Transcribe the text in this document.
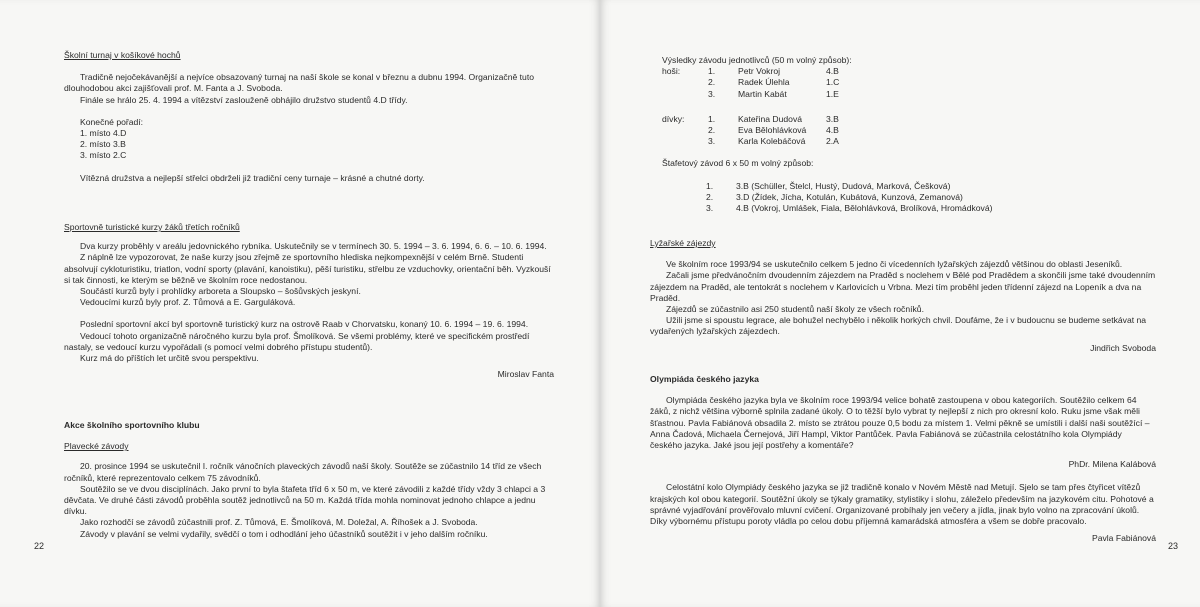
Školní turnaj v košíkové hochů

Tradičně nejočekávanější a nejvíce obsazovaný turnaj na naší škole se konal v březnu a dubnu 1994. Organizačně tuto dlouhodobou akci zajišťovali prof. M. Fanta a J. Svoboda.

Finále se hrálo 25. 4. 1994 a vítězství zaslouženě obhájilo družstvo studentů 4.D třídy.

Konečné pořadí:

1. místo 4.D

2. místo 3.B

3. místo 2.C

Vítězná družstva a nejlepší střelci obdrželi již tradiční ceny turnaje – krásné a chutné dorty.

Sportovně turistické kurzy žáků třetích ročníků

Dva kurzy proběhly v areálu jedovnického rybníka. Uskutečnily se v termínech 30. 5. 1994 – 3. 6. 1994, 6. 6. – 10. 6. 1994.

Z náplně lze vypozorovat, že naše kurzy jsou zřejmě ze sportovního hlediska nejkompexnější v celém Brně. Studenti absolvují cykloturistiku, triatlon, vodní sporty (plavání, kanoistiku), pěší turistiku, střelbu ze vzduchovky, orientační běh. Vyzkouší si tak činnosti, ke kterým se běžně ve školním roce nedostanou.

Součástí kurzů byly i prohlídky arboreta a Sloupsko – šošůvských jeskyní.

Vedoucími kurzů byly prof. Z. Tůmová a E. Garguláková.

Poslední sportovní akcí byl sportovně turistický kurz na ostrově Raab v Chorvatsku, konaný 10. 6. 1994 – 19. 6. 1994.

Vedoucí tohoto organizačně náročného kurzu byla prof. Šmolíková. Se všemi problémy, které ve specifickém prostředí nastaly, se vedoucí kurzu vypořádali (s pomocí velmi dobrého přístupu studentů).

Kurz má do příštích let určitě svou perspektivu.

Miroslav Fanta

Akce školního sportovního klubu

Plavecké závody

20. prosince 1994 se uskutečnil I. ročník vánočních plaveckých závodů naší školy. Soutěže se zúčastnilo 14 tříd ze všech ročníků, které reprezentovalo celkem 75 závodníků.

Soutěžilo se ve dvou disciplínách. Jako první to byla štafeta tříd 6 x 50 m, ve které závodili z každé třídy vždy 3 chlapci a 3 děvčata. Ve druhé části závodů proběhla soutěž jednotlivců na 50 m. Každá třída mohla nominovat jednoho chlapce a jednu dívku.

Jako rozhodčí se závodů zúčastnili prof. Z. Tůmová, E. Šmolíková, M. Doležal, A. Říhošek a J. Svoboda.

Závody v plavání se velmi vydařily, svědčí o tom i odhodlání jeho účastníků soutěžit i v jeho dalším ročníku.

22

Výsledky závodu jednotlivců (50 m volný způsob):

hoši:	1.	Petr Vokroj	4.B
	2.	Radek Úlehla	1.C
	3.	Martin Kabát	1.E
dívky:	1.	Kateřina Dudová	3.B
	2.	Eva Bělohlávková	4.B
	3.	Karla Kolebáčová	2.A

Štafetový závod 6 x 50 m volný způsob:

1.	3.B (Schüller, Štelcl, Hustý, Dudová, Marková, Češková)
2.	3.D (Žídek, Jícha, Kotulán, Kubátová, Kunzová, Zemanová)
3.	4.B (Vokroj, Umlášek, Fiala, Bělohlávková, Brolíková, Hromádková)

Lyžařské zájezdy

Ve školním roce 1993/94 se uskutečnilo celkem 5 jedno či vícedenních lyžařských zájezdů většinou do oblasti Jeseníků.

Začali jsme předvánočním dvoudenním zájezdem na Praděd s noclehem v Bělé pod Pradědem a skončili jsme také dvoudenním zájezdem na Praděd, ale tentokrát s noclehem v Karlovicích u Vrbna. Mezi tím proběhl jeden třídenní zájezd na Lopeník a dva na Praděd.

Zájezdů se zúčastnilo asi 250 studentů naší školy ze všech ročníků.

Užili jsme si spoustu legrace, ale bohužel nechybělo i několik horkých chvil. Doufáme, že i v budoucnu se budeme setkávat na vydařených lyžařských zájezdech.

Jindřich Svoboda

Olympiáda českého jazyka

Olympiáda českého jazyka byla ve školním roce 1993/94 velice bohatě zastoupena v obou kategoriích. Soutěžilo celkem 64 žáků, z nichž většina výborně splnila zadané úkoly. O to těžší bylo vybrat ty nejlepší z nich pro okresní kolo. Ruku jsme však měli šťastnou. Pavla Fabiánová obsadila 2. místo se ztrátou pouze 0,5 bodu za místem 1. Velmi pěkně se umístili i další naši soutěžící – Anna Čadová, Michaela Černejová, Jiří Hampl, Viktor Pantůček. Pavla Fabiánová se zúčastnila celostátního kola Olympiády českého jazyka. Jaké jsou její postřehy a komentáře?

PhDr. Milena Kalábová

Celostátní kolo Olympiády českého jazyka se již tradičně konalo v Novém Městě nad Metují. Sjelo se tam přes čtyřicet vítězů krajských kol obou kategorií. Soutěžní úkoly se týkaly gramatiky, stylistiky i slohu, záleželo především na jazykovém citu. Pohotové a správné vyjadřování prověřovalo mluvní cvičení. Organizované probíhaly jen večery a jídla, jinak bylo volno na zpracování úkolů. Díky výbornému přístupu poroty vládla po celou dobu příjemná kamarádská atmosféra a všem se dobře pracovalo.

Pavla Fabiánová

23
